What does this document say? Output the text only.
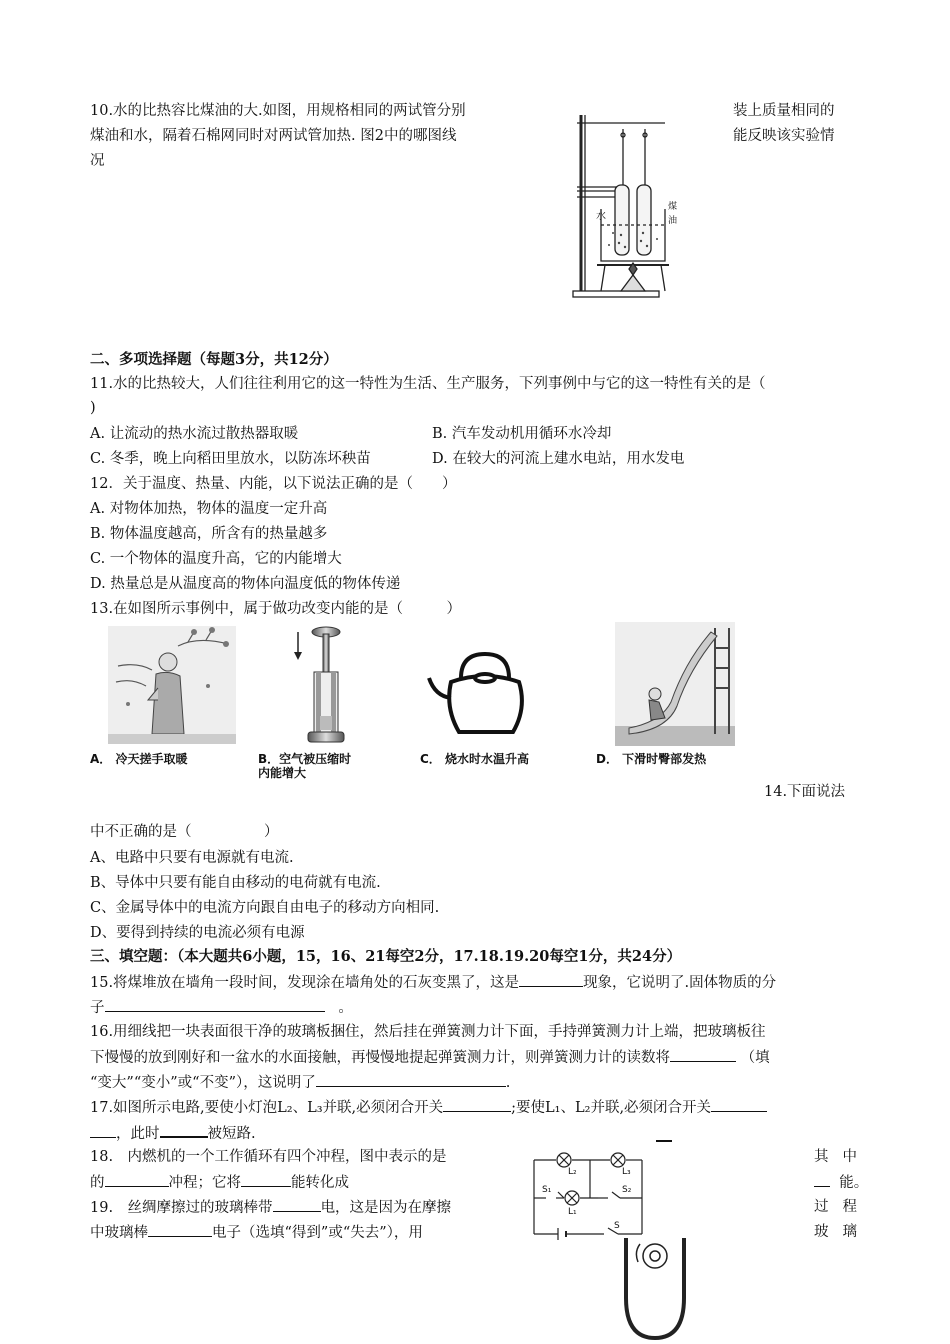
10.水的比热容比煤油的大.如图，用规格相同的两试管分别	装上质量相同的
煤油和水，隔着石棉网同时对两试管加热. 图2中的哪图线	能反映该实验情
况
水
煤
油
二、多项选择题（每题3分，共12分）
11.水的比热较大，人们往往利用它的这一特性为生活、生产服务，下列事例中与它的这一特性有关的是（
)
A. 让流动的热水流过散热器取暖	B. 汽车发动机用循环水冷却
C. 冬季，晚上向稻田里放水，以防冻坏秧苗	D. 在较大的河流上建水电站，用水发电
12．关于温度、热量、内能，以下说法正确的是（　　）
A. 对物体加热，物体的温度一定升高
B. 物体温度越高，所含有的热量越多
C. 一个物体的温度升高，它的内能增大
D. 热量总是从温度高的物体向温度低的物体传递
13.在如图所示事例中，属于做功改变内能的是（　　　）
A． 冷天搓手取暖	B．空气被压缩时
内能增大
C． 烧水时水温升高	D． 下滑时臀部发热
14.下面说法
中不正确的是（　　　　　）
A、电路中只要有电源就有电流.
B、导体中只要有能自由移动的电荷就有电流.
C、金属导体中的电流方向跟自由电子的移动方向相同.
D、要得到持续的电流必须有电源
三、填空题：（本大题共6小题，15，16、21每空2分，17.18.19.20每空1分，共24分）
15.将煤堆放在墙角一段时间，发现涂在墙角处的石灰变黑了，这是	现象，它说明了.固体物质的分
子	。
16.用细线把一块表面很干净的玻璃板捆住，然后挂在弹簧测力计下面，手持弹簧测力计上端，把玻璃板往
下慢慢的放到刚好和一盆水的水面接触，再慢慢地提起弹簧测力计，则弹簧测力计的读数将	（填
“变大”“变小”或“不变”），这说明了	.
17.如图所示电路,要使小灯泡L₂、L₃并联,必须闭合开关	;要使L₁、L₂并联,必须闭合开关
，此时	被短路.
18.　内燃机的一个工作循环有四个冲程，图中表示的是	其中
的	冲程；它将	能转化成	能。
19.　丝绸摩擦过的玻璃棒带	电，这是因为在摩擦	过程
中玻璃棒	电子（选填“得到”或“失去”），用	玻璃
L₂	L₃
L₁
S₁	S₂
S
